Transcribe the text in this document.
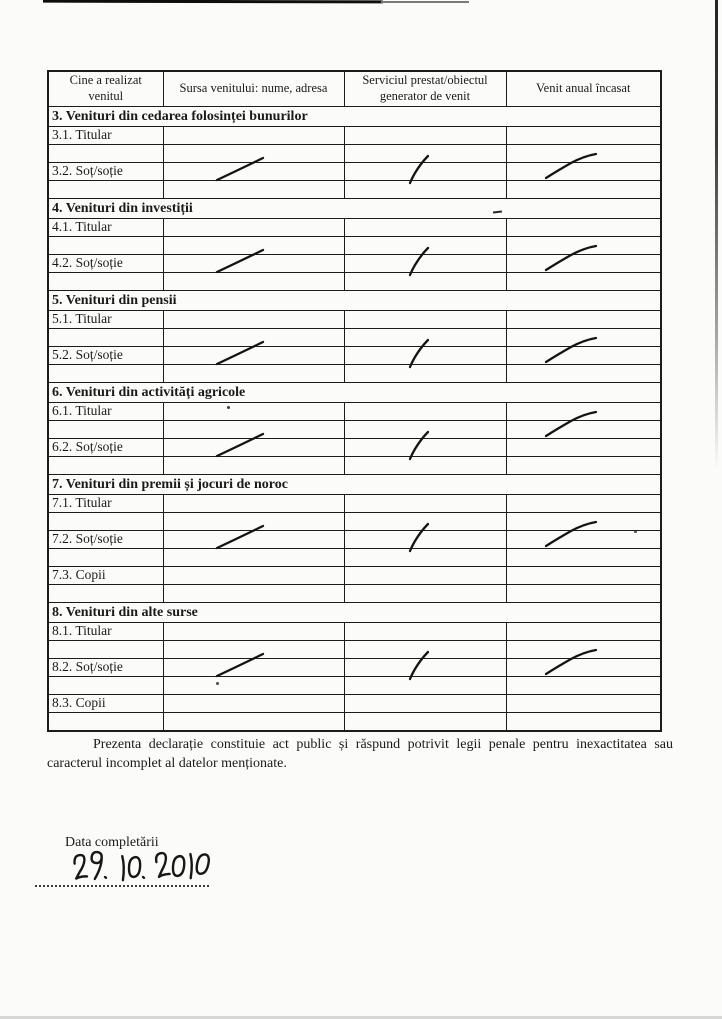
Cine a realizat venitul	Sursa venitului: nume, adresa	Serviciul prestat/obiectul generator de venit	Venit anual încasat
3. Venituri din cedarea folosinței bunurilor			
3.1. Titular			

3.2. Soț/soție	

4. Venituri din investiții			
4.1. Titular			

4.2. Soț/soție	

5. Venituri din pensii			
5.1. Titular			

5.2. Soț/soție	

6. Venituri din activități agricole			
6.1. Titular			

6.2. Soț/soție	

7. Venituri din premii și jocuri de noroc			
7.1. Titular			

7.2. Soț/soție	

7.3. Copii			

8. Venituri din alte surse			
8.1. Titular			

8.2. Soț/soție	

8.3. Copii			

Prezenta declarație constituie act public și răspund potrivit legii penale pentru inexactitatea sau caracterul incomplet al datelor menționate.

Data completării
